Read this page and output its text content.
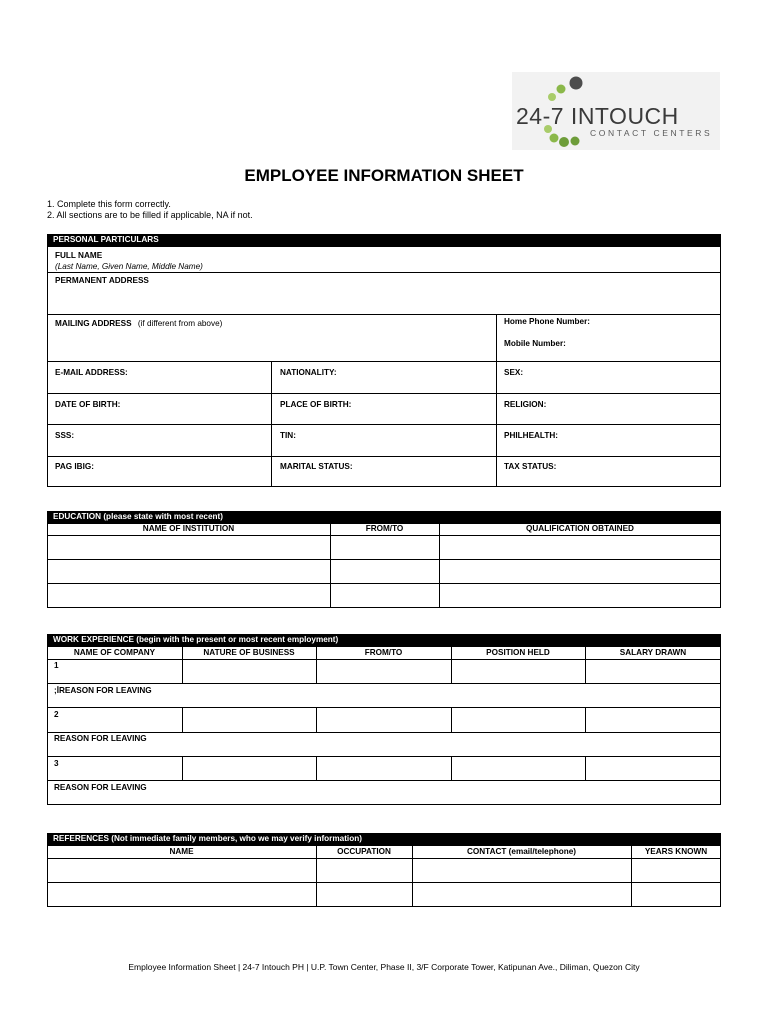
24-7 INTOUCH
CONTACT CENTERS
EMPLOYEE INFORMATION SHEET
1. Complete this form correctly.
2. All sections are to be filled if applicable, NA if not.
PERSONAL PARTICULARS
FULL NAME
(Last Name, Given Name, Middle Name)
PERMANENT ADDRESS
MAILING ADDRESS (if different from above)	Home Phone Number:
Mobile Number:
E-MAIL ADDRESS:	NATIONALITY:	SEX:
DATE OF BIRTH:	PLACE OF BIRTH:	RELIGION:
SSS:	TIN:	PHILHEALTH:
PAG IBIG:	MARITAL STATUS:	TAX STATUS:
EDUCATION (please state with most recent)
NAME OF INSTITUTION	FROM/TO	QUALIFICATION OBTAINED
WORK EXPERIENCE (begin with the present or most recent employment)
NAME OF COMPANY	NATURE OF BUSINESS	FROM/TO	POSITION HELD	SALARY DRAWN
1
;İREASON FOR LEAVING
2
REASON FOR LEAVING
3
REASON FOR LEAVING
REFERENCES (Not immediate family members, who we may verify information)
NAME	OCCUPATION	CONTACT (email/telephone)	YEARS KNOWN
Employee Information Sheet | 24-7 Intouch PH | U.P. Town Center, Phase II, 3/F Corporate Tower, Katipunan Ave., Diliman, Quezon City
